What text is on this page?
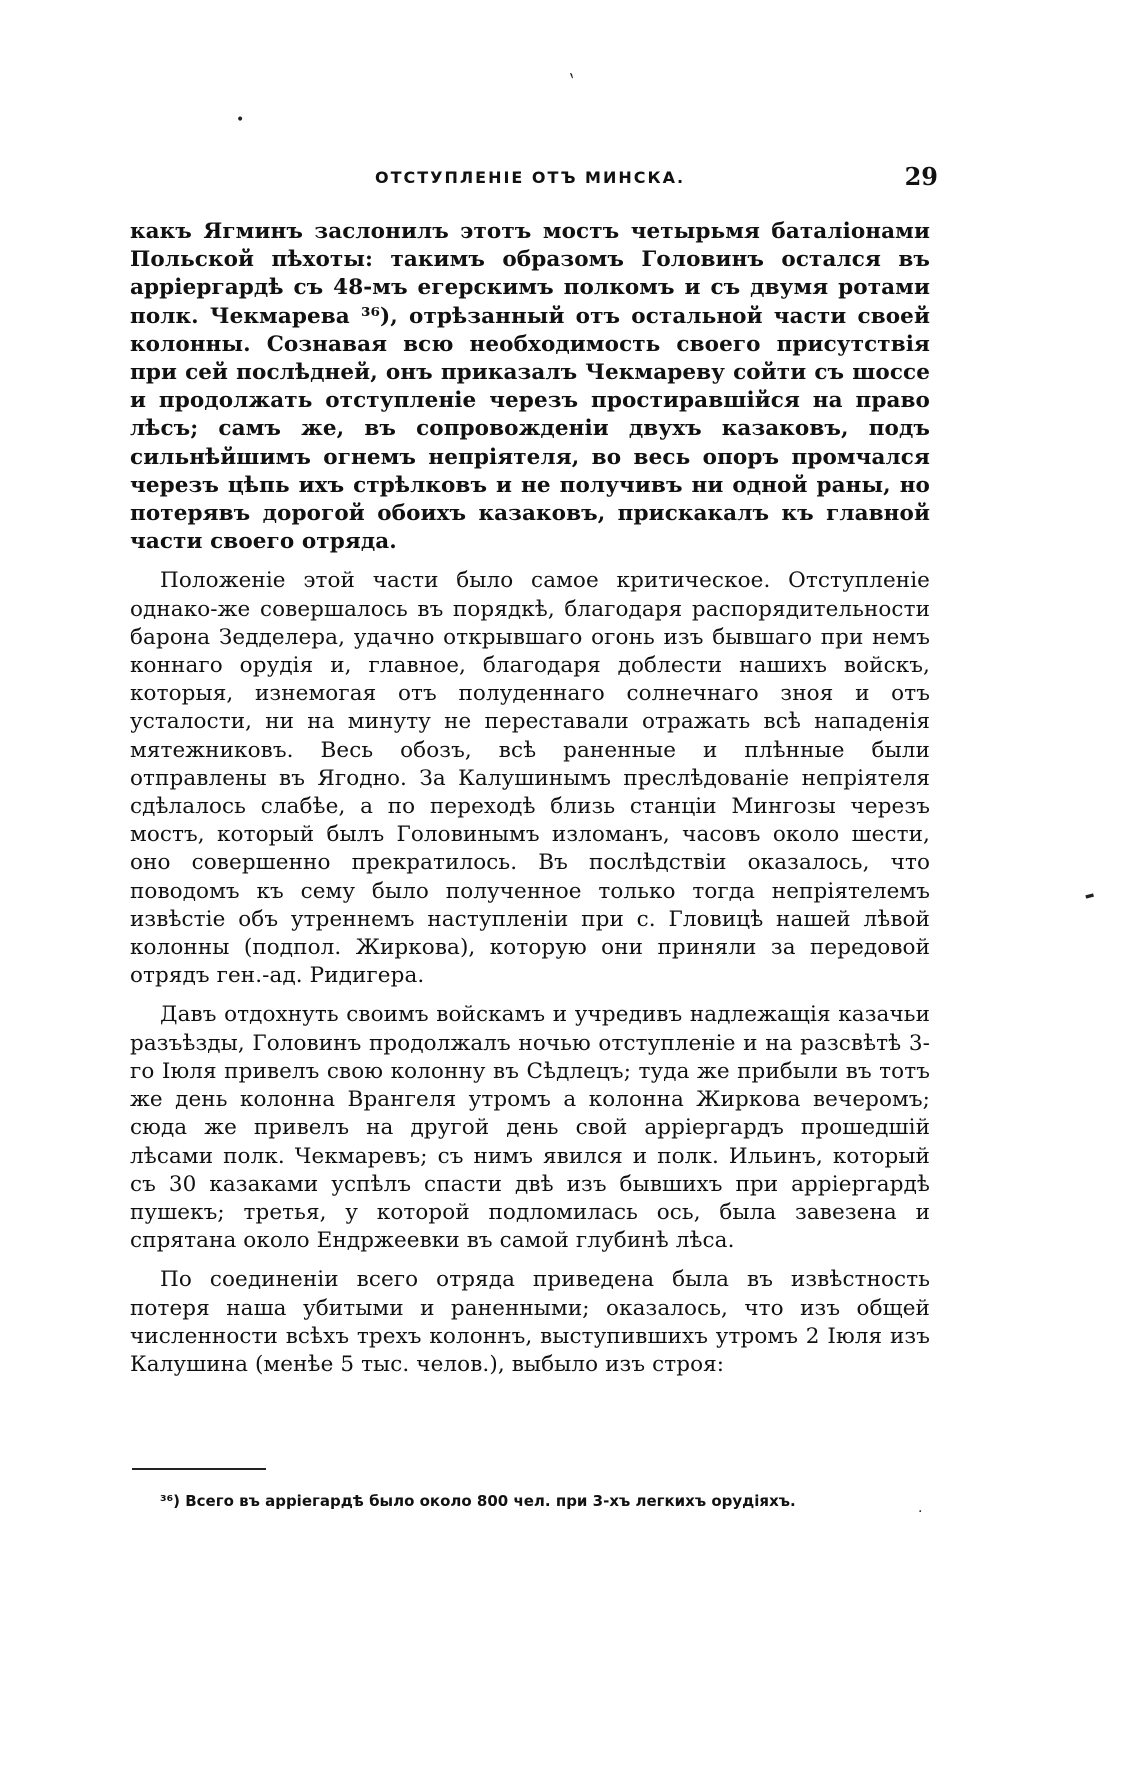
`
•
ОТСТУПЛЕНІЕ ОТЪ МИНСКА.	29

какъ Ягминъ заслонилъ этотъ мостъ четырьмя баталіонами Польской пѣхоты: такимъ образомъ Головинъ остался въ арріергардѣ съ 48-мъ егерскимъ полкомъ и съ двумя ротами полк. Чекмарева ³⁶), отрѣзанный отъ остальной части своей колонны. Сознавая всю необходимость своего присутствія при сей послѣдней, онъ приказалъ Чекмареву сойти съ шоссе и продолжать отступленіе черезъ простиравшійся на право лѣсъ; самъ же, въ сопровожденіи двухъ казаковъ, подъ сильнѣйшимъ огнемъ непріятеля, во весь опоръ промчался черезъ цѣпь ихъ стрѣлковъ и не получивъ ни одной раны, но потерявъ дорогой обоихъ казаковъ, прискакалъ къ главной части своего отряда.

Положеніе этой части было самое критическое. Отступленіе однако-же совершалось въ порядкѣ, благодаря распорядительности барона Зедделера, удачно открывшаго огонь изъ бывшаго при немъ коннаго орудія и, главное, благодаря доблести нашихъ войскъ, которыя, изнемогая отъ полуденнаго солнечнаго зноя и отъ усталости, ни на минуту не переставали отражать всѣ нападенія мятежниковъ. Весь обозъ, всѣ раненные и плѣнные были отправлены въ Ягодно. За Калушинымъ преслѣдованіе непріятеля сдѣлалось слабѣе, а по переходѣ близь станціи Мингозы черезъ мостъ, который былъ Головинымъ изломанъ, часовъ около шести, оно совершенно прекратилось. Въ послѣдствіи оказалось, что поводомъ къ сему было полученное только тогда непріятелемъ извѣстіе объ утреннемъ наступленіи при с. Гловицѣ нашей лѣвой колонны (подпол. Жиркова), которую они приняли за передовой отрядъ ген.-ад. Ридигера.

Давъ отдохнуть своимъ войскамъ и учредивъ надлежащія казачьи разъѣзды, Головинъ продолжалъ ночью отступленіе и на разсвѣтѣ 3-го Іюля привелъ свою колонну въ Сѣдлецъ; туда же прибыли въ тотъ же день колонна Врангеля утромъ а колонна Жиркова вечеромъ; сюда же привелъ на другой день свой арріергардъ прошедшій лѣсами полк. Чекмаревъ; съ нимъ явился и полк. Ильинъ, который съ 30 казаками успѣлъ спасти двѣ изъ бывшихъ при арріергардѣ пушекъ; третья, у которой подломилась ось, была завезена и спрятана около Ендржеевки въ самой глубинѣ лѣса.

По соединеніи всего отряда приведена была въ извѣстность потеря наша убитыми и раненными; оказалось, что изъ общей численности всѣхъ трехъ колоннъ, выступившихъ утромъ 2 Іюля изъ Калушина (менѣе 5 тыс. челов.), выбыло изъ строя:

-
³⁶) Всего въ арріегардѣ было около 800 чел. при 3-хъ легкихъ орудіяхъ.	.
